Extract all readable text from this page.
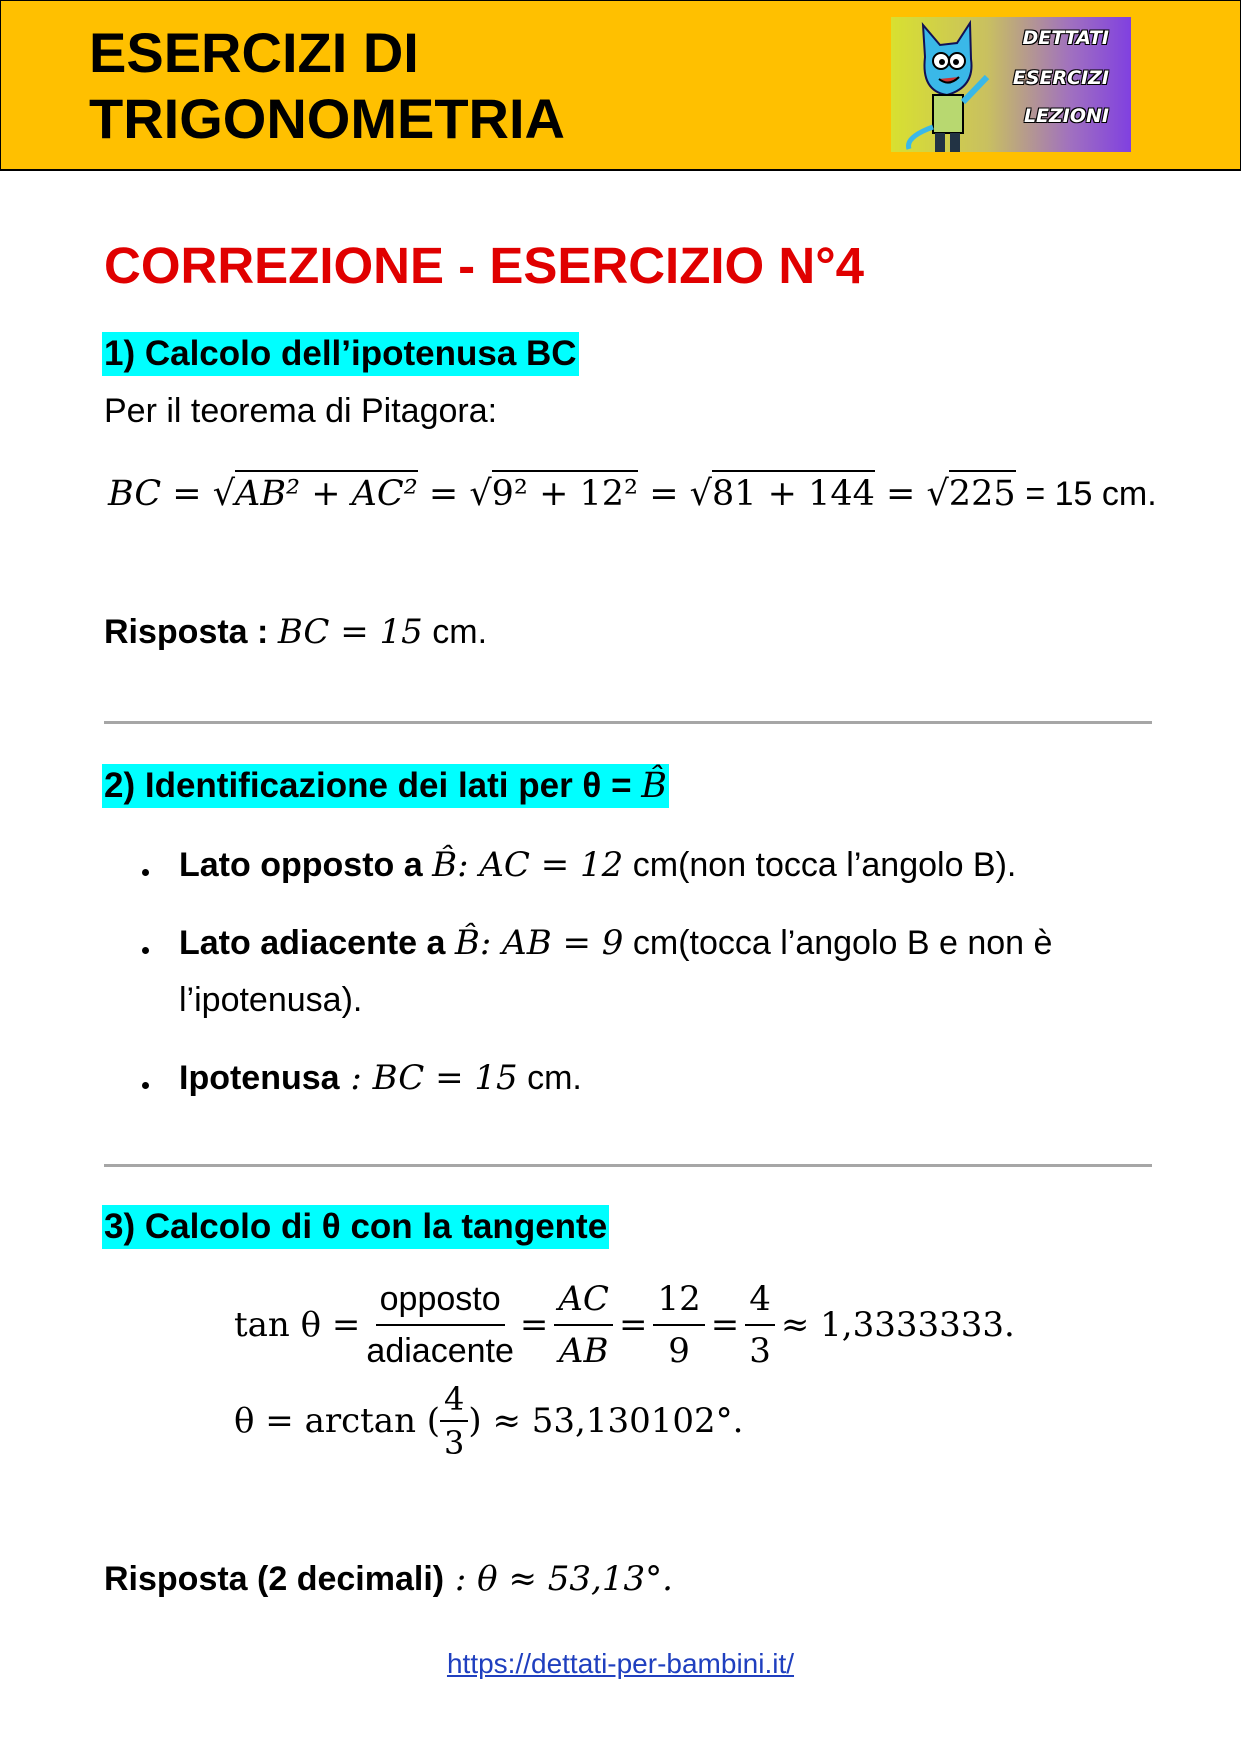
ESERCIZI DI
TRIGONOMETRIA
DETTATI
ESERCIZI
LEZIONI
CORREZIONE - ESERCIZIO N°4
1) Calcolo dell’ipotenusa BC
Per il teorema di Pitagora:
BC = √AB² + AC² = √9² + 12² = √81 + 144 = √225 = 15 cm.
Risposta : BC = 15 cm.
2) Identificazione dei lati per θ = B̂
Lato opposto a B̂: AC = 12 cm(non tocca l’angolo B).
Lato adiacente a B̂: AB = 9 cm(tocca l’angolo B e non è
l’ipotenusa).
Ipotenusa : BC = 15 cm.
3) Calcolo di θ con la tangente
$\tan \theta = \frac{\text{opposto}}{\text{adiacente}} = \frac{AC}{AB} = \frac{12}{9} = \frac{4}{3} \approx 1,3333333$.
θ = arctan ( $\frac{4}{3}$ ) ≈ 53,130102°.
Risposta (2 decimali) : θ ≈ 53,13°.
https://dettati-per-bambini.it/
